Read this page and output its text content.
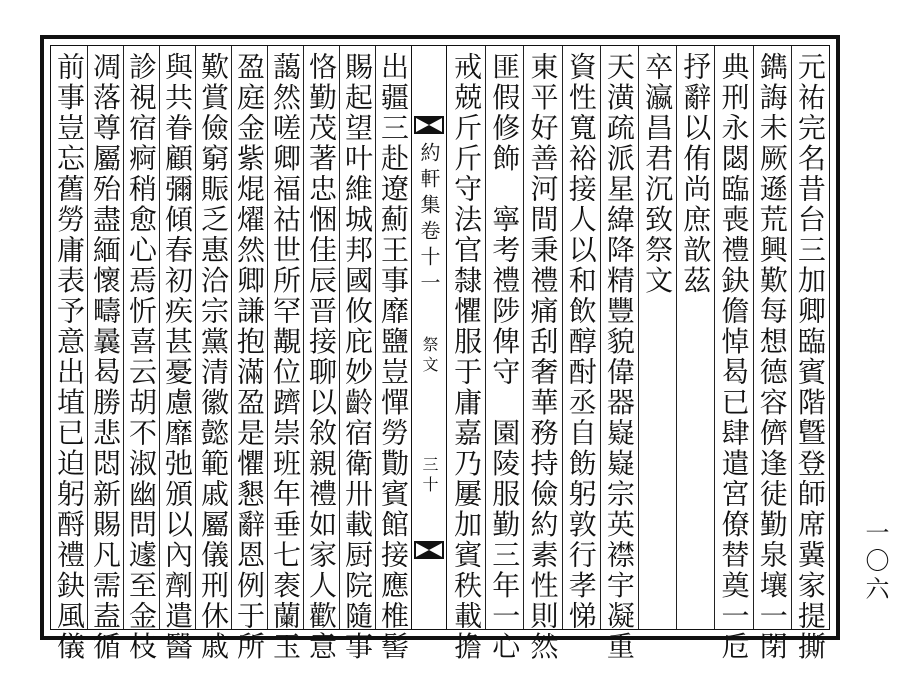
元祐完名昔台三加卿臨賓階曁登師席冀家提撕
鐫誨未厥遜荒興歎每想德容儕逢徒勤泉壤一閉
典刑永閟臨喪禮鈌儋悼曷已肆遣宮僚替奠一卮
抒辭以侑尚庶歆茲
卒瀛昌君沉致祭文
天潢疏派星緯降精豐貌偉器嶷嶷宗英襟宇凝重
資性寬裕接人以和飲醇酎丞自飭躬敦行孝悌
東平好善河間秉禮痛刮奢華務持儉約素性則然
匪假修飾　寧考禮陟俾守　園陵服勤三年一心
戒兢斤斤守法官隸懼服于庸嘉乃屢加賓秩載擔
約軒集卷十一
祭文
三十
出疆三赴遼薊王事靡鹽豈憚勞勩賓館接應椎髻
賜起望叶維城邦國攸庇妙齡宿衛卅載厨院隨事
恪勤茂著忠悃佳辰晋接聊以敘親禮如家人歡意
藹然嗟卿福祜世所罕覯位躋崇班年垂七袠蘭玉
盈庭金紫焜燿然卿謙抱滿盈是懼懇辭恩例于所
歎賞儉窮賑乏惠洽宗黨清徽懿範戚屬儀刑休戚
與共眷顧彌傾春初疾甚憂慮靡弛頒以內劑遣醫
診視宿痾稍愈心焉忻喜云胡不淑幽問遽至金枝
凋落尊屬殆盡緬懷疇曩曷勝悲悶新賜凡需盍循
前事豈忘舊勞庸表予意出埴已迫躬酹禮鈌風儀	一〇六
